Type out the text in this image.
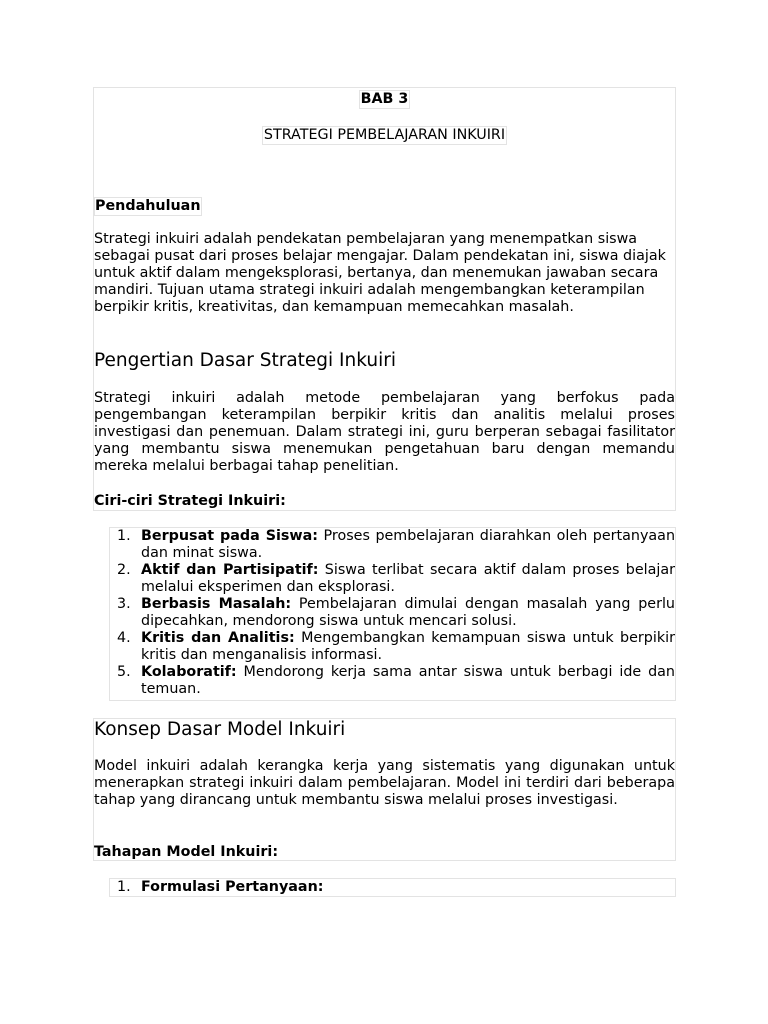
BAB 3
STRATEGI PEMBELAJARAN INKUIRI
Pendahuluan

Strategi inkuiri adalah pendekatan pembelajaran yang menempatkan siswa sebagai pusat dari proses belajar mengajar. Dalam pendekatan ini, siswa diajak untuk aktif dalam mengeksplorasi, bertanya, dan menemukan jawaban secara mandiri. Tujuan utama strategi inkuiri adalah mengembangkan keterampilan berpikir kritis, kreativitas, dan kemampuan memecahkan masalah.

Pengertian Dasar Strategi Inkuiri

Strategi inkuiri adalah metode pembelajaran yang berfokus pada pengembangan keterampilan berpikir kritis dan analitis melalui proses investigasi dan penemuan. Dalam strategi ini, guru berperan sebagai fasilitator yang membantu siswa menemukan pengetahuan baru dengan memandu mereka melalui berbagai tahap penelitian.

Ciri-ciri Strategi Inkuiri:

1. Berpusat pada Siswa: Proses pembelajaran diarahkan oleh pertanyaan dan minat siswa.
2. Aktif dan Partisipatif: Siswa terlibat secara aktif dalam proses belajar melalui eksperimen dan eksplorasi.
3. Berbasis Masalah: Pembelajaran dimulai dengan masalah yang perlu dipecahkan, mendorong siswa untuk mencari solusi.
4. Kritis dan Analitis: Mengembangkan kemampuan siswa untuk berpikir kritis dan menganalisis informasi.
5. Kolaboratif: Mendorong kerja sama antar siswa untuk berbagi ide dan temuan.
Konsep Dasar Model Inkuiri

Model inkuiri adalah kerangka kerja yang sistematis yang digunakan untuk menerapkan strategi inkuiri dalam pembelajaran. Model ini terdiri dari beberapa tahap yang dirancang untuk membantu siswa melalui proses investigasi.

Tahapan Model Inkuiri:

1. Formulasi Pertanyaan:
